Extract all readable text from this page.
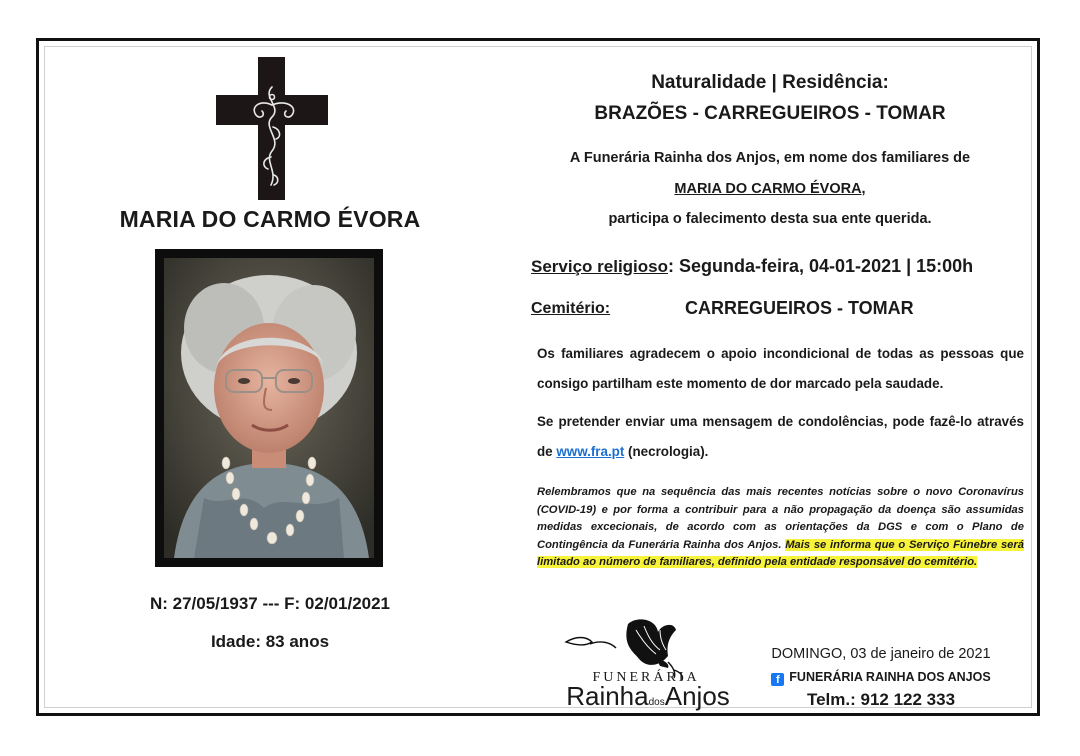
MARIA DO CARMO ÉVORA
N: 27/05/1937 --- F: 02/01/2021
Idade: 83 anos
Naturalidade | Residência:
BRAZÕES - CARREGUEIROS - TOMAR
A Funerária Rainha dos Anjos, em nome dos familiares de
MARIA DO CARMO ÉVORA,
participa o falecimento desta sua ente querida.
Serviço religioso: Segunda-feira, 04-01-2021 | 15:00h
Cemitério:	CARREGUEIROS - TOMAR
Os familiares agradecem o apoio incondicional de todas as pessoas que consigo partilham este momento de dor marcado pela saudade.
Se pretender enviar uma mensagem de condolências, pode fazê-lo através de www.fra.pt (necrologia).
Relembramos que na sequência das mais recentes notícias sobre o novo Coronavírus (COVID-19) e por forma a contribuir para a não propagação da doença são assumidas medidas excecionais, de acordo com as orientações da DGS e com o Plano de Contingência da Funerária Rainha dos Anjos. Mais se informa que o Serviço Fúnebre será limitado ao número de familiares, definido pela entidade responsável do cemitério.
FUNERÁRIA
RainhadosAnjos
DOMINGO, 03 de janeiro de 2021
f FUNERÁRIA RAINHA DOS ANJOS
Telm.: 912 122 333
